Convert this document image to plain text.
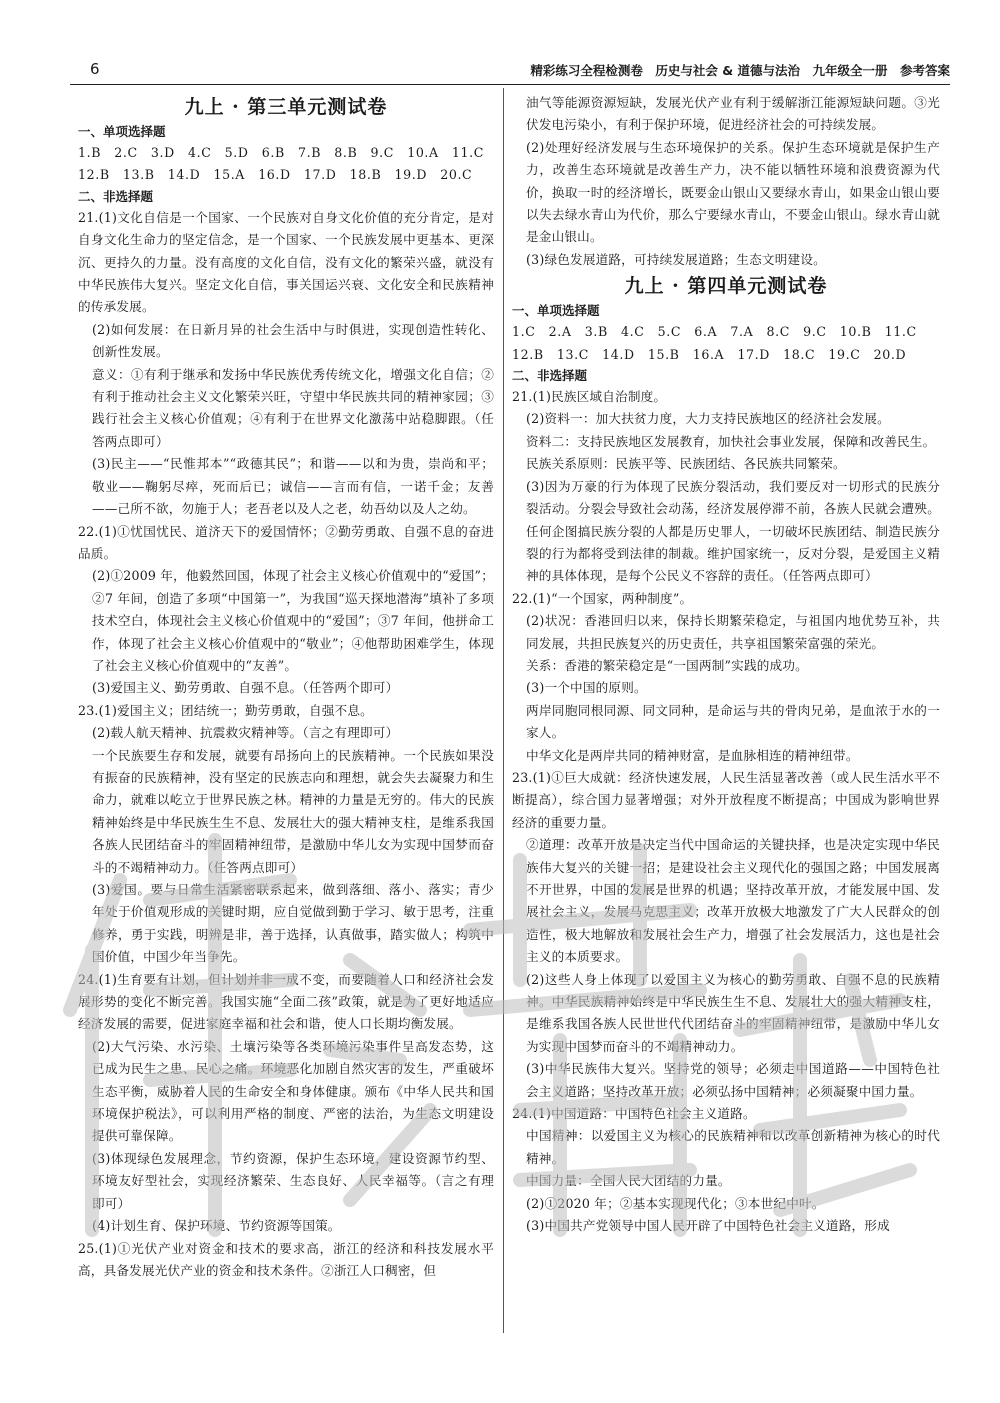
6	精彩练习全程检测卷　历史与社会 & 道德与法治　九年级全一册　参考答案
九上 · 第三单元测试卷
一、单项选择题

1.B　2.C　3.D　4.C　5.D　6.B　7.B　8.B　9.C　10.A　11.C

12.B　13.B　14.D　15.A　16.D　17.D　18.B　19.D　20.C

二、非选择题

21.(1)文化自信是一个国家、一个民族对自身文化价值的充分肯定，是对自身文化生命力的坚定信念，是一个国家、一个民族发展中更基本、更深沉、更持久的力量。没有高度的文化自信，没有文化的繁荣兴盛，就没有中华民族伟大复兴。坚定文化自信，事关国运兴衰、文化安全和民族精神的传承发展。

(2)如何发展：在日新月异的社会生活中与时俱进，实现创造性转化、创新性发展。

意义：①有利于继承和发扬中华民族优秀传统文化，增强文化自信；②有利于推动社会主义文化繁荣兴旺，守望中华民族共同的精神家园；③践行社会主义核心价值观；④有利于在世界文化激荡中站稳脚跟。（任答两点即可）

(3)民主——“民惟邦本”“政德其民”；和谐——以和为贵，崇尚和平；敬业——鞠躬尽瘁，死而后已；诚信——言而有信，一诺千金；友善——己所不欲，勿施于人；老吾老以及人之老，幼吾幼以及人之幼。

22.(1)①忧国忧民、道济天下的爱国情怀；②勤劳勇敢、自强不息的奋进品质。

(2)①2009 年，他毅然回国，体现了社会主义核心价值观中的“爱国”；②7 年间，创造了多项“中国第一”，为我国“巡天探地潜海”填补了多项技术空白，体现社会主义核心价值观中的“爱国”；③7 年间，他拼命工作，体现了社会主义核心价值观中的“敬业”；④他帮助困难学生，体现了社会主义核心价值观中的“友善”。

(3)爱国主义、勤劳勇敢、自强不息。（任答两个即可）

23.(1)爱国主义；团结统一；勤劳勇敢，自强不息。

(2)载人航天精神、抗震救灾精神等。（言之有理即可）

一个民族要生存和发展，就要有昂扬向上的民族精神。一个民族如果没有振奋的民族精神，没有坚定的民族志向和理想，就会失去凝聚力和生命力，就难以屹立于世界民族之林。精神的力量是无穷的。伟大的民族精神始终是中华民族生生不息、发展壮大的强大精神支柱，是维系我国各族人民团结奋斗的牢固精神纽带，是激励中华儿女为实现中国梦而奋斗的不竭精神动力。（任答两点即可）

(3)爱国。要与日常生活紧密联系起来，做到落细、落小、落实；青少年处于价值观形成的关键时期，应自觉做到勤于学习、敏于思考，注重修养，勇于实践，明辨是非，善于选择，认真做事，踏实做人；构筑中国价值，中国少年当争先。

24.(1)生育要有计划，但计划并非一成不变，而要随着人口和经济社会发展形势的变化不断完善。我国实施“全面二孩”政策，就是为了更好地适应经济发展的需要，促进家庭幸福和社会和谐，使人口长期均衡发展。

(2)大气污染、水污染、土壤污染等各类环境污染事件呈高发态势，这已成为民生之患、民心之痛。环境恶化加剧自然灾害的发生，严重破坏生态平衡，威胁着人民的生命安全和身体健康。颁布《中华人民共和国环境保护税法》，可以利用严格的制度、严密的法治，为生态文明建设提供可靠保障。

(3)体现绿色发展理念，节约资源，保护生态环境，建设资源节约型、环境友好型社会，实现经济繁荣、生态良好、人民幸福等。（言之有理即可）

(4)计划生育、保护环境、节约资源等国策。

25.(1)①光伏产业对资金和技术的要求高，浙江的经济和科技发展水平高，具备发展光伏产业的资金和技术条件。②浙江人口稠密，但

油气等能源资源短缺，发展光伏产业有利于缓解浙江能源短缺问题。③光伏发电污染小，有利于保护环境，促进经济社会的可持续发展。

(2)处理好经济发展与生态环境保护的关系。保护生态环境就是保护生产力，改善生态环境就是改善生产力，决不能以牺牲环境和浪费资源为代价，换取一时的经济增长，既要金山银山又要绿水青山，如果金山银山要以失去绿水青山为代价，那么宁要绿水青山，不要金山银山。绿水青山就是金山银山。

(3)绿色发展道路，可持续发展道路；生态文明建设。

九上 · 第四单元测试卷
一、单项选择题

1.C　2.A　3.B　4.C　5.C　6.A　7.A　8.C　9.C　10.B　11.C

12.B　13.C　14.D　15.B　16.A　17.D　18.C　19.C　20.D

二、非选择题

21.(1)民族区域自治制度。

(2)资料一：加大扶贫力度，大力支持民族地区的经济社会发展。

资料二：支持民族地区发展教育，加快社会事业发展，保障和改善民生。

民族关系原则：民族平等、民族团结、各民族共同繁荣。

(3)因为万豪的行为体现了民族分裂活动，我们要反对一切形式的民族分裂活动。分裂会导致社会动荡，经济发展停滞不前，各族人民就会遭殃。任何企图搞民族分裂的人都是历史罪人，一切破坏民族团结、制造民族分裂的行为都将受到法律的制裁。维护国家统一，反对分裂，是爱国主义精神的具体体现，是每个公民义不容辞的责任。（任答两点即可）

22.(1)“一个国家，两种制度”。

(2)状况：香港回归以来，保持长期繁荣稳定，与祖国内地优势互补，共同发展，共担民族复兴的历史责任，共享祖国繁荣富强的荣光。

关系：香港的繁荣稳定是“一国两制”实践的成功。

(3)一个中国的原则。

两岸同胞同根同源、同文同种，是命运与共的骨肉兄弟，是血浓于水的一家人。

中华文化是两岸共同的精神财富，是血脉相连的精神纽带。

23.(1)①巨大成就：经济快速发展，人民生活显著改善（或人民生活水平不断提高），综合国力显著增强；对外开放程度不断提高；中国成为影响世界经济的重要力量。

②道理：改革开放是决定当代中国命运的关键抉择，也是决定实现中华民族伟大复兴的关键一招；是建设社会主义现代化的强国之路；中国发展离不开世界，中国的发展是世界的机遇；坚持改革开放，才能发展中国、发展社会主义，发展马克思主义；改革开放极大地激发了广大人民群众的创造性，极大地解放和发展社会生产力，增强了社会发展活力，这也是社会主义的本质要求。

(2)这些人身上体现了以爱国主义为核心的勤劳勇敢、自强不息的民族精神。中华民族精神始终是中华民族生生不息、发展壮大的强大精神支柱，是维系我国各族人民世世代代团结奋斗的牢固精神纽带，是激励中华儿女为实现中国梦而奋斗的不竭精神动力。

(3)中华民族伟大复兴。坚持党的领导；必须走中国道路——中国特色社会主义道路；坚持改革开放；必须弘扬中国精神；必须凝聚中国力量。

24.(1)中国道路：中国特色社会主义道路。

中国精神：以爱国主义为核心的民族精神和以改革创新精神为核心的时代精神。

中国力量：全国人民大团结的力量。

(2)①2020 年；②基本实现现代化；③本世纪中叶。

(3)中国共产党领导中国人民开辟了中国特色社会主义道路，形成
